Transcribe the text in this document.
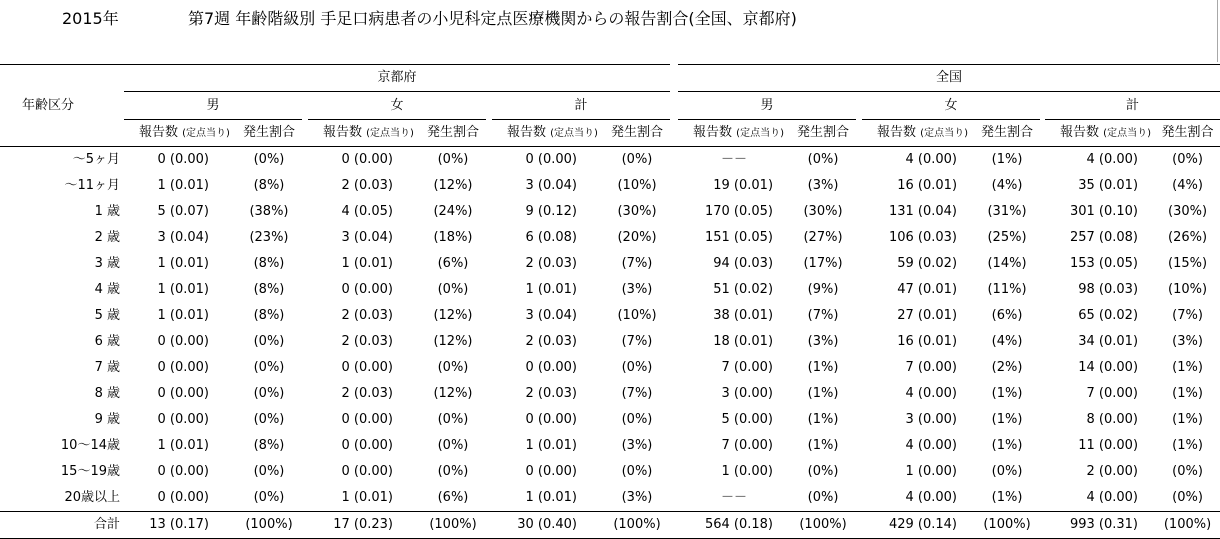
2015年	第7週 年齢階級別 手足口病患者の小児科定点医療機関からの報告割合(全国、京都府)
年齢区分	京都府									全国							
	男			女			計			男			女			計	
	報告数 (定点当り)	発生割合		報告数 (定点当り)	発生割合		報告数 (定点当り)	発生割合		報告数 (定点当り)	発生割合		報告数 (定点当り)	発生割合		報告数 (定点当り)	発生割合
～5ヶ月	0 (0.00)	(0%)		0 (0.00)	(0%)		0 (0.00)	(0%)		－－	(0%)		4 (0.00)	(1%)		4 (0.00)	(0%)
～11ヶ月	1 (0.01)	(8%)		2 (0.03)	(12%)		3 (0.04)	(10%)		19 (0.01)	(3%)		16 (0.01)	(4%)		35 (0.01)	(4%)
1 歳	5 (0.07)	(38%)		4 (0.05)	(24%)		9 (0.12)	(30%)		170 (0.05)	(30%)		131 (0.04)	(31%)		301 (0.10)	(30%)
2 歳	3 (0.04)	(23%)		3 (0.04)	(18%)		6 (0.08)	(20%)		151 (0.05)	(27%)		106 (0.03)	(25%)		257 (0.08)	(26%)
3 歳	1 (0.01)	(8%)		1 (0.01)	(6%)		2 (0.03)	(7%)		94 (0.03)	(17%)		59 (0.02)	(14%)		153 (0.05)	(15%)
4 歳	1 (0.01)	(8%)		0 (0.00)	(0%)		1 (0.01)	(3%)		51 (0.02)	(9%)		47 (0.01)	(11%)		98 (0.03)	(10%)
5 歳	1 (0.01)	(8%)		2 (0.03)	(12%)		3 (0.04)	(10%)		38 (0.01)	(7%)		27 (0.01)	(6%)		65 (0.02)	(7%)
6 歳	0 (0.00)	(0%)		2 (0.03)	(12%)		2 (0.03)	(7%)		18 (0.01)	(3%)		16 (0.01)	(4%)		34 (0.01)	(3%)
7 歳	0 (0.00)	(0%)		0 (0.00)	(0%)		0 (0.00)	(0%)		7 (0.00)	(1%)		7 (0.00)	(2%)		14 (0.00)	(1%)
8 歳	0 (0.00)	(0%)		2 (0.03)	(12%)		2 (0.03)	(7%)		3 (0.00)	(1%)		4 (0.00)	(1%)		7 (0.00)	(1%)
9 歳	0 (0.00)	(0%)		0 (0.00)	(0%)		0 (0.00)	(0%)		5 (0.00)	(1%)		3 (0.00)	(1%)		8 (0.00)	(1%)
10～14歳	1 (0.01)	(8%)		0 (0.00)	(0%)		1 (0.01)	(3%)		7 (0.00)	(1%)		4 (0.00)	(1%)		11 (0.00)	(1%)
15～19歳	0 (0.00)	(0%)		0 (0.00)	(0%)		0 (0.00)	(0%)		1 (0.00)	(0%)		1 (0.00)	(0%)		2 (0.00)	(0%)
20歳以上	0 (0.00)	(0%)		1 (0.01)	(6%)		1 (0.01)	(3%)		－－	(0%)		4 (0.00)	(1%)		4 (0.00)	(0%)
合計	13 (0.17)	(100%)		17 (0.23)	(100%)		30 (0.40)	(100%)		564 (0.18)	(100%)		429 (0.14)	(100%)		993 (0.31)	(100%)
